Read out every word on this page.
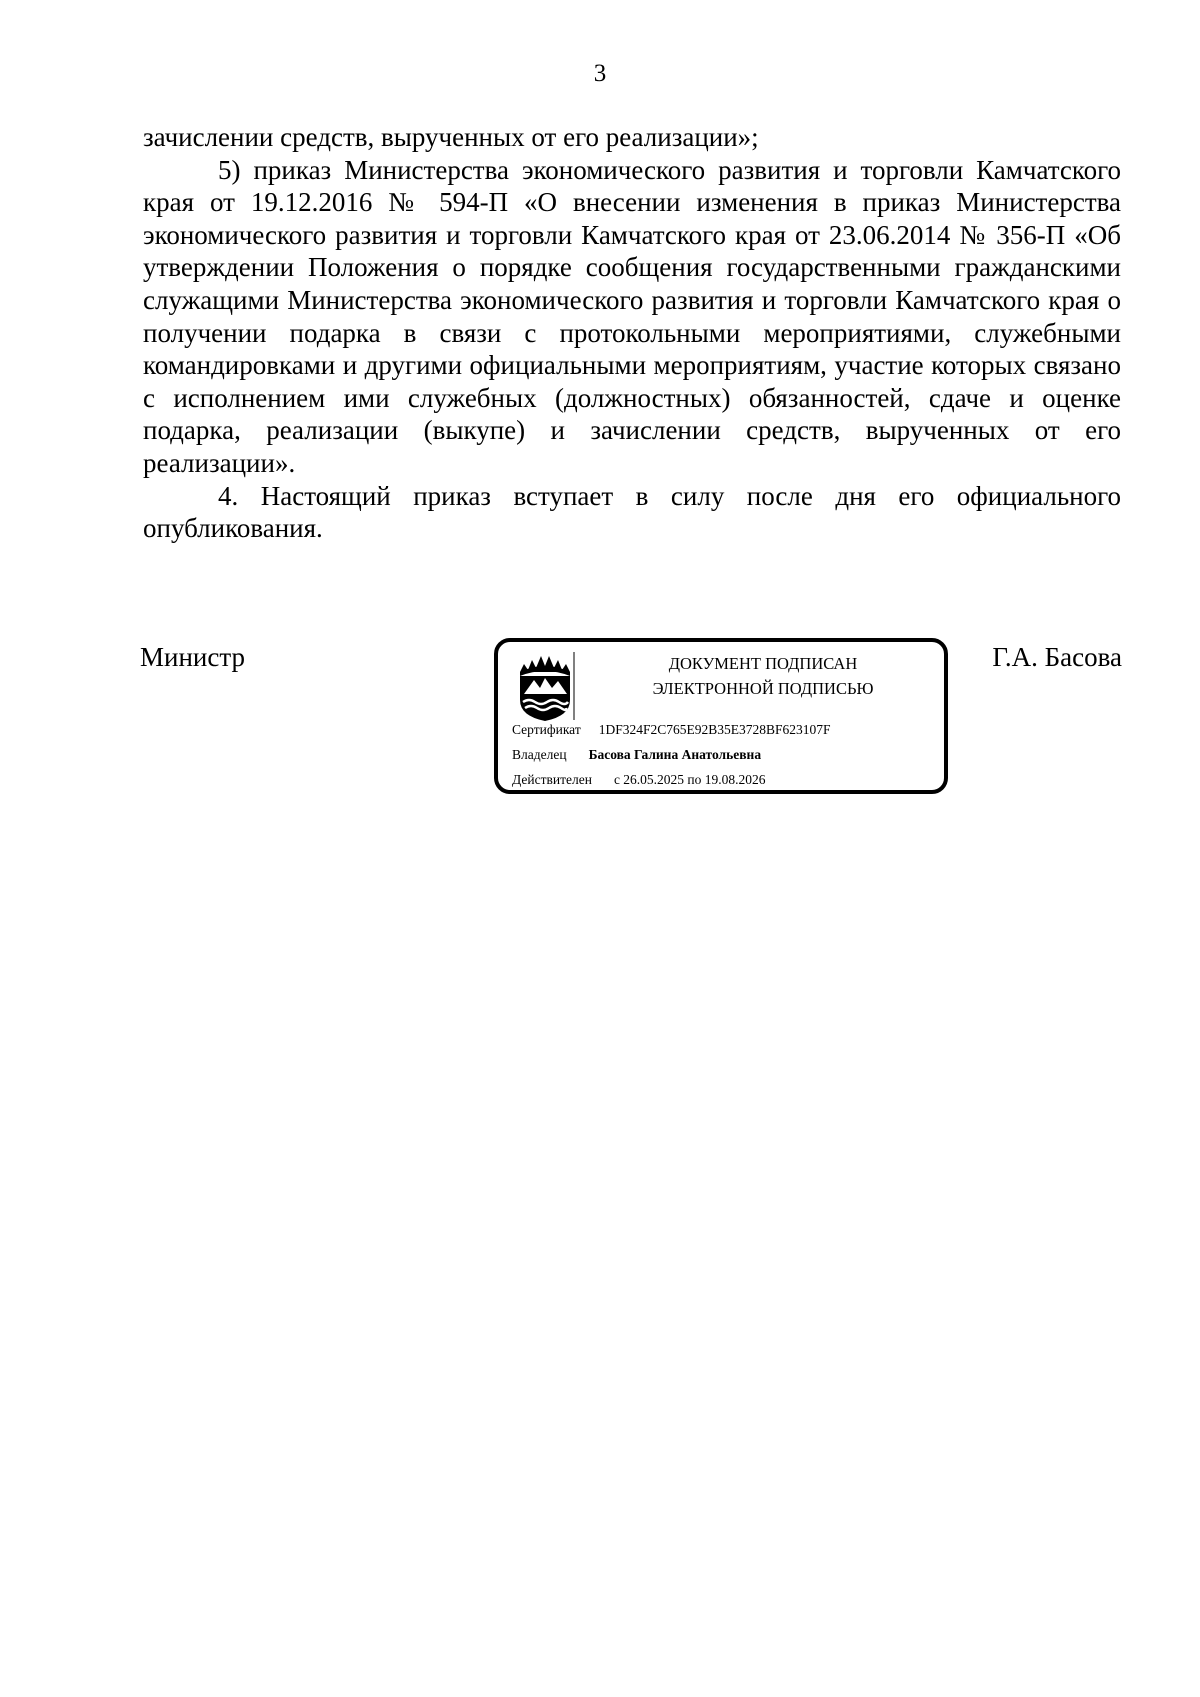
3

зачислении средств, вырученных от его реализации»;

5) приказ Министерства экономического развития и торговли Камчатского края от 19.12.2016 № 594-П «О внесении изменения в приказ Министерства экономического развития и торговли Камчатского края от 23.06.2014 № 356-П «Об утверждении Положения о порядке сообщения государственными гражданскими служащими Министерства экономического развития и торговли Камчатского края о получении подарка в связи с протокольными мероприятиями, служебными командировками и другими официальными мероприятиям, участие которых связано с исполнением ими служебных (должностных) обязанностей, сдаче и оценке подарка, реализации (выкупе) и зачислении средств, вырученных от его реализации».

4. Настоящий приказ вступает в силу после дня его официального опубликования.

Министр	ДОКУМЕНТ ПОДПИСАН
ЭЛЕКТРОННОЙ ПОДПИСЬЮ
Сертификат 1DF324F2C765E92B35E3728BF623107F
Владелец Басова Галина Анатольевна
Действителен с 26.05.2025 по 19.08.2026
Г.А. Басова
